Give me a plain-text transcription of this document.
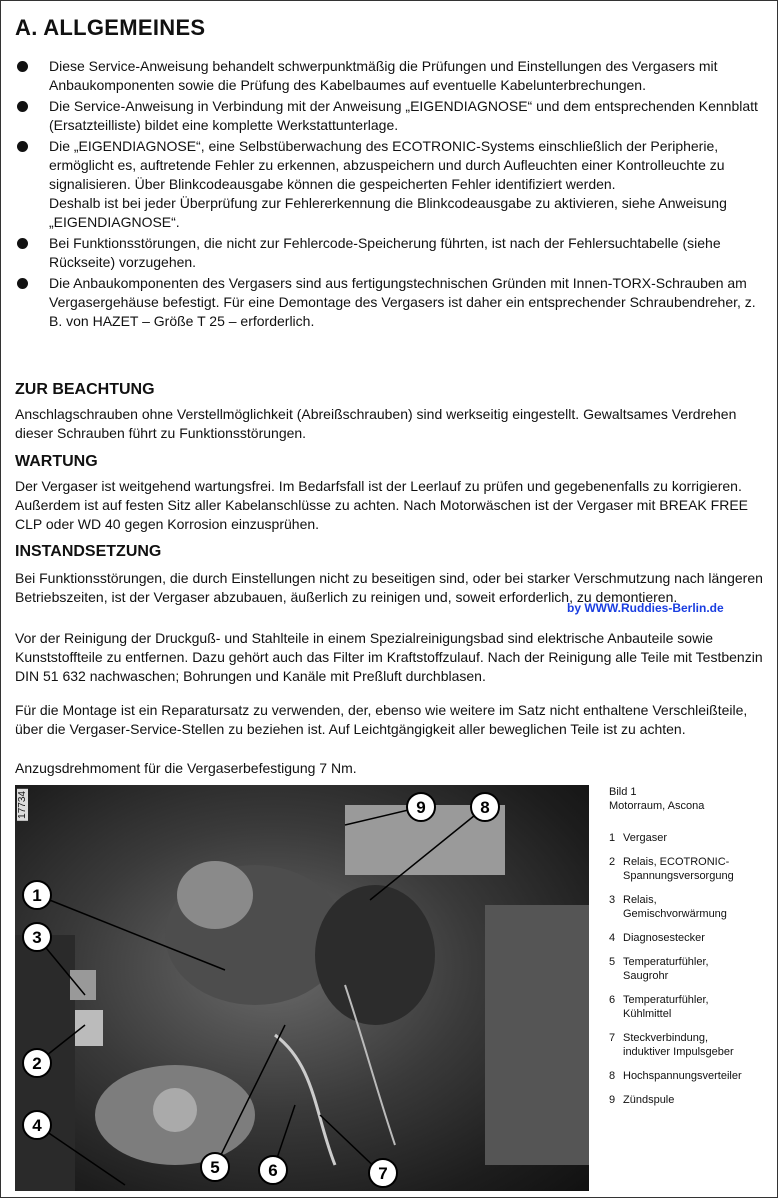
A. ALLGEMEINES
Diese Service-Anweisung behandelt schwerpunktmäßig die Prüfungen und Einstellungen des Vergasers mit Anbaukomponenten sowie die Prüfung des Kabelbaumes auf eventuelle Kabelunterbrechungen.
Die Service-Anweisung in Verbindung mit der Anweisung „EIGENDIAGNOSE“ und dem entsprechenden Kennblatt (Ersatzteilliste) bildet eine komplette Werkstattunterlage.
Die „EIGENDIAGNOSE“, eine Selbstüberwachung des ECOTRONIC-Systems einschließlich der Peripherie, ermöglicht es, auftretende Fehler zu erkennen, abzuspeichern und durch Aufleuchten einer Kontrolleuchte zu signalisieren. Über Blinkcodeausgabe können die gespeicherten Fehler identifiziert werden.
Deshalb ist bei jeder Überprüfung zur Fehlererkennung die Blinkcodeausgabe zu aktivieren, siehe Anweisung „EIGENDIAGNOSE“.
Bei Funktionsstörungen, die nicht zur Fehlercode-Speicherung führten, ist nach der Fehlersuchtabelle (siehe Rückseite) vorzugehen.
Die Anbaukomponenten des Vergasers sind aus fertigungstechnischen Gründen mit Innen-TORX-Schrauben am Vergasergehäuse befestigt. Für eine Demontage des Vergasers ist daher ein entsprechender Schraubendreher, z. B. von HAZET – Größe T 25 – erforderlich.
ZUR BEACHTUNG
Anschlagschrauben ohne Verstellmöglichkeit (Abreißschrauben) sind werkseitig eingestellt. Gewaltsames Verdrehen dieser Schrauben führt zu Funktionsstörungen.
WARTUNG
Der Vergaser ist weitgehend wartungsfrei. Im Bedarfsfall ist der Leerlauf zu prüfen und gegebenenfalls zu korrigieren. Außerdem ist auf festen Sitz aller Kabelanschlüsse zu achten. Nach Motorwäschen ist der Vergaser mit BREAK FREE CLP oder WD 40 gegen Korrosion einzusprühen.
INSTANDSETZUNG
Bei Funktionsstörungen, die durch Einstellungen nicht zu beseitigen sind, oder bei starker Verschmutzung nach längeren Betriebszeiten, ist der Vergaser abzubauen, äußerlich zu reinigen und, soweit erforderlich, zu demontieren.
Vor der Reinigung der Druckguß- und Stahlteile in einem Spezialreinigungsbad sind elektrische Anbauteile sowie Kunststoffteile zu entfernen. Dazu gehört auch das Filter im Kraftstoffzulauf. Nach der Reinigung alle Teile mit Testbenzin DIN 51 632 nachwaschen; Bohrungen und Kanäle mit Preßluft durchblasen.
Für die Montage ist ein Reparatursatz zu verwenden, der, ebenso wie weitere im Satz nicht enthaltene Verschleißteile, über die Vergaser-Service-Stellen zu beziehen ist. Auf Leichtgängigkeit aller beweglichen Teile ist zu achten.
Anzugsdrehmoment für die Vergaserbefestigung 7 Nm.
by WWW.Ruddies-Berlin.de
1
3
2
4
5	6	7
9	8
17734	Bild 1
Motorraum, Ascona
1 Vergaser
2 Relais, ECOTRONIC-
Spannungsversorgung
3 Relais,
Gemischvorwärmung
4 Diagnosestecker
5 Temperaturfühler,
Saugrohr
6 Temperaturfühler,
Kühlmittel
7 Steckverbindung,
induktiver Impulsgeber
8 Hochspannungsverteiler
9 Zündspule
